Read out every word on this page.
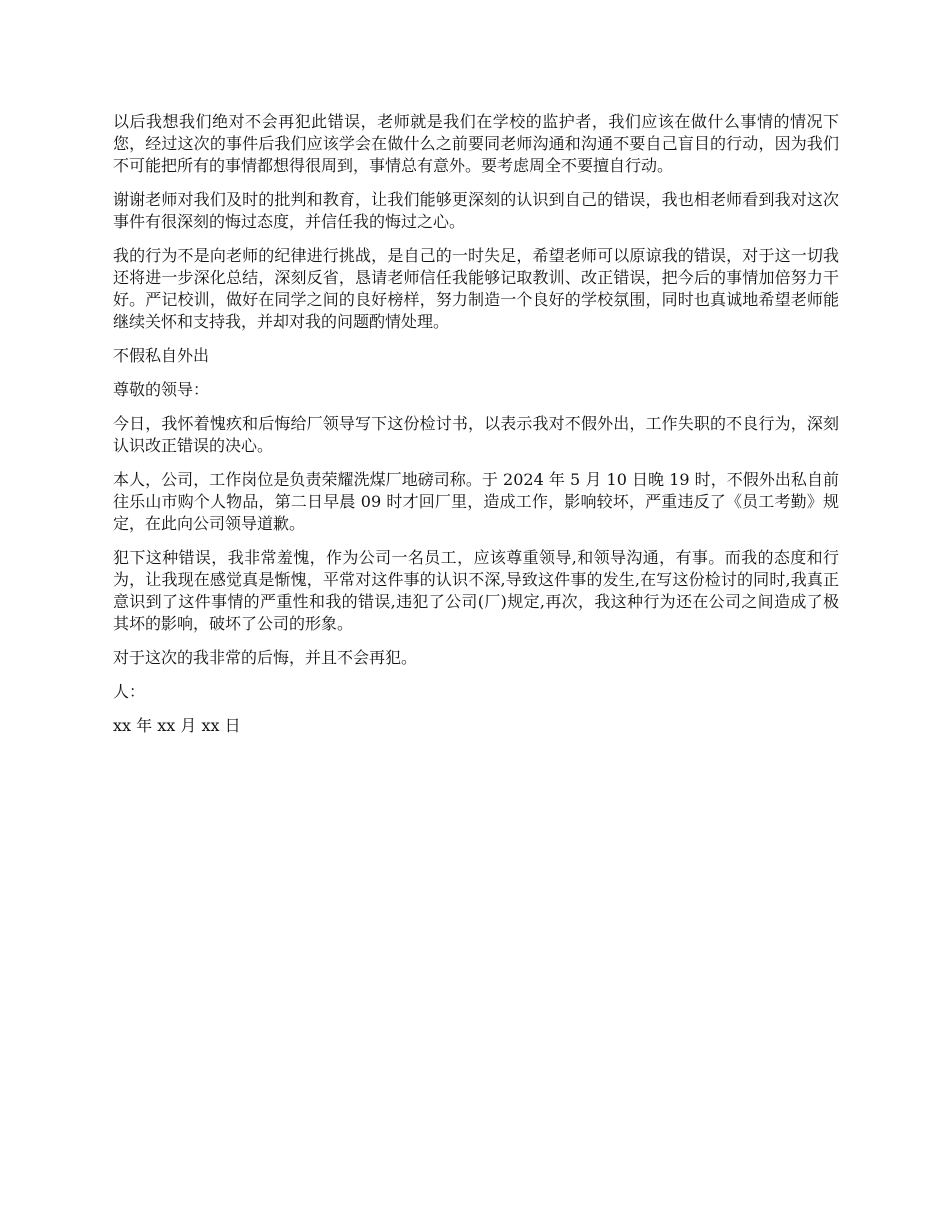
以后我想我们绝对不会再犯此错误，老师就是我们在学校的监护者，我们应该在做什么事情的情况下您，经过这次的事件后我们应该学会在做什么之前要同老师沟通和沟通不要自己盲目的行动，因为我们不可能把所有的事情都想得很周到，事情总有意外。要考虑周全不要擅自行动。

谢谢老师对我们及时的批判和教育，让我们能够更深刻的认识到自己的错误，我也相老师看到我对这次事件有很深刻的悔过态度，并信任我的悔过之心。

我的行为不是向老师的纪律进行挑战，是自己的一时失足，希望老师可以原谅我的错误，对于这一切我还将进一步深化总结，深刻反省，恳请老师信任我能够记取教训、改正错误，把今后的事情加倍努力干好。严记校训，做好在同学之间的良好榜样，努力制造一个良好的学校氛围，同时也真诚地希望老师能继续关怀和支持我，并却对我的问题酌情处理。

不假私自外出

尊敬的领导：

今日，我怀着愧疚和后悔给厂领导写下这份检讨书，以表示我对不假外出，工作失职的不良行为，深刻认识改正错误的决心。

本人，公司，工作岗位是负责荣耀洗煤厂地磅司称。于 2024 年 5 月 10 日晚 19 时，不假外出私自前往乐山市购个人物品，第二日早晨 09 时才回厂里，造成工作，影响较坏，严重违反了《员工考勤》规定，在此向公司领导道歉。

犯下这种错误，我非常羞愧，作为公司一名员工，应该尊重领导,和领导沟通，有事。而我的态度和行为，让我现在感觉真是惭愧，平常对这件事的认识不深,导致这件事的发生,在写这份检讨的同时,我真正意识到了这件事情的严重性和我的错误,违犯了公司(厂)规定,再次，我这种行为还在公司之间造成了极其坏的影响，破坏了公司的形象。

对于这次的我非常的后悔，并且不会再犯。

人：

xx 年 xx 月 xx 日
